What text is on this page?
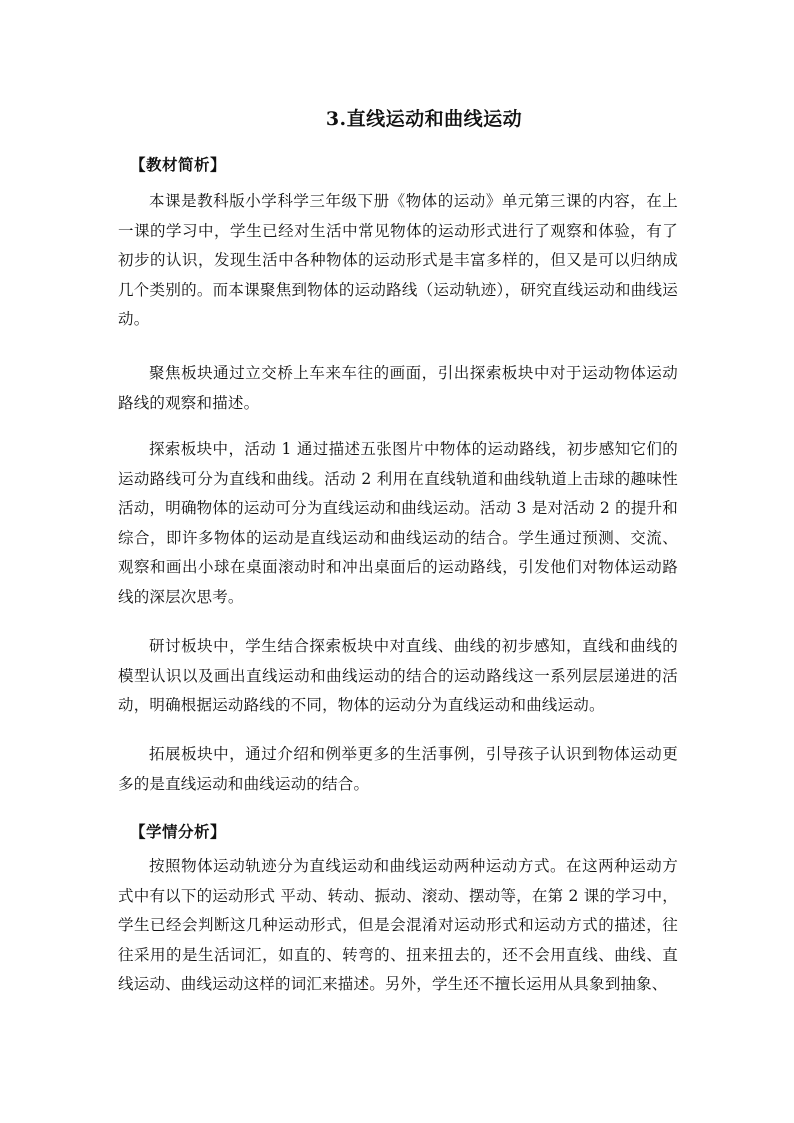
3.直线运动和曲线运动
【教材简析】
本课是教科版小学科学三年级下册《物体的运动》单元第三课的内容，在上一课的学习中，学生已经对生活中常见物体的运动形式进行了观察和体验，有了初步的认识，发现生活中各种物体的运动形式是丰富多样的，但又是可以归纳成几个类别的。而本课聚焦到物体的运动路线（运动轨迹），研究直线运动和曲线运动。
聚焦板块通过立交桥上车来车往的画面，引出探索板块中对于运动物体运动路线的观察和描述。
探索板块中，活动 1 通过描述五张图片中物体的运动路线，初步感知它们的运动路线可分为直线和曲线。活动 2 利用在直线轨道和曲线轨道上击球的趣味性活动，明确物体的运动可分为直线运动和曲线运动。活动 3 是对活动 2 的提升和综合，即许多物体的运动是直线运动和曲线运动的结合。学生通过预测、交流、观察和画出小球在桌面滚动时和冲出桌面后的运动路线，引发他们对物体运动路线的深层次思考。
研讨板块中，学生结合探索板块中对直线、曲线的初步感知，直线和曲线的模型认识以及画出直线运动和曲线运动的结合的运动路线这一系列层层递进的活动，明确根据运动路线的不同，物体的运动分为直线运动和曲线运动。
拓展板块中，通过介绍和例举更多的生活事例，引导孩子认识到物体运动更多的是直线运动和曲线运动的结合。
【学情分析】
按照物体运动轨迹分为直线运动和曲线运动两种运动方式。在这两种运动方式中有以下的运动形式 平动、转动、振动、滚动、摆动等，在第 2 课的学习中，学生已经会判断这几种运动形式，但是会混淆对运动形式和运动方式的描述，往往采用的是生活词汇，如直的、转弯的、扭来扭去的，还不会用直线、曲线、直线运动、曲线运动这样的词汇来描述。另外，学生还不擅长运用从具象到抽象、
